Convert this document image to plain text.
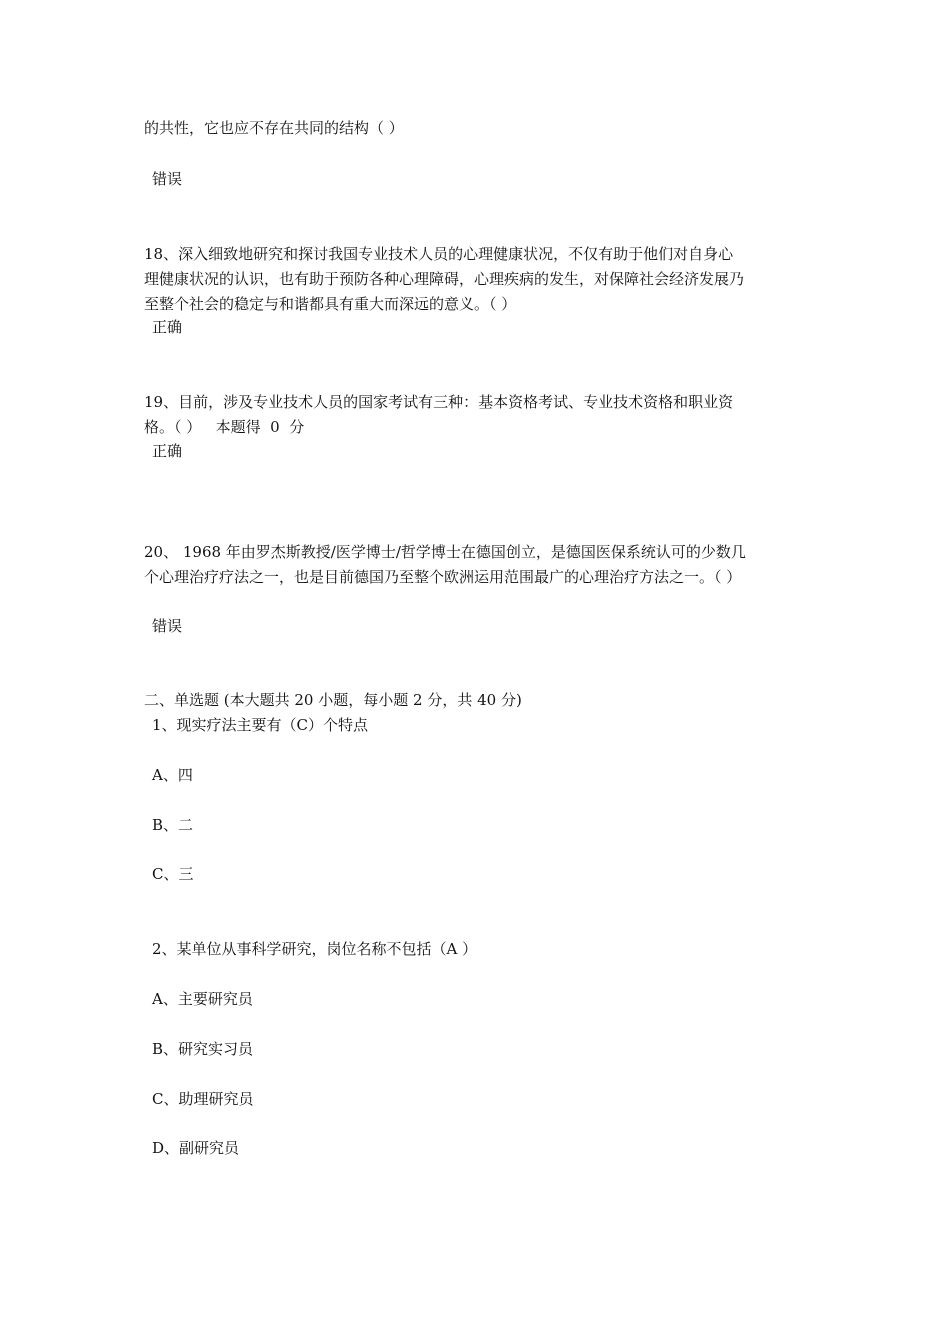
的共性，它也应不存在共同的结构（ ）

错误

18、深入细致地研究和探讨我国专业技术人员的心理健康状况，不仅有助于他们对自身心

理健康状况的认识，也有助于预防各种心理障碍，心理疾病的发生，对保障社会经济发展乃

至整个社会的稳定与和谐都具有重大而深远的意义。（ ）

正确

19、目前，涉及专业技术人员的国家考试有三种：基本资格考试、专业技术资格和职业资

格。（ ）   本题得  0  分

正确

20、 1968 年由罗杰斯教授/医学博士/哲学博士在德国创立，是德国医保系统认可的少数几

个心理治疗疗法之一，也是目前德国乃至整个欧洲运用范围最广的心理治疗方法之一。（ ）

错误

二、单选题 (本大题共 20 小题，每小题 2 分，共 40 分)

1、现实疗法主要有（C）个特点

A、四

B、二

C、三

2、某单位从事科学研究，岗位名称不包括（A ）

A、主要研究员

B、研究实习员

C、助理研究员

D、副研究员
